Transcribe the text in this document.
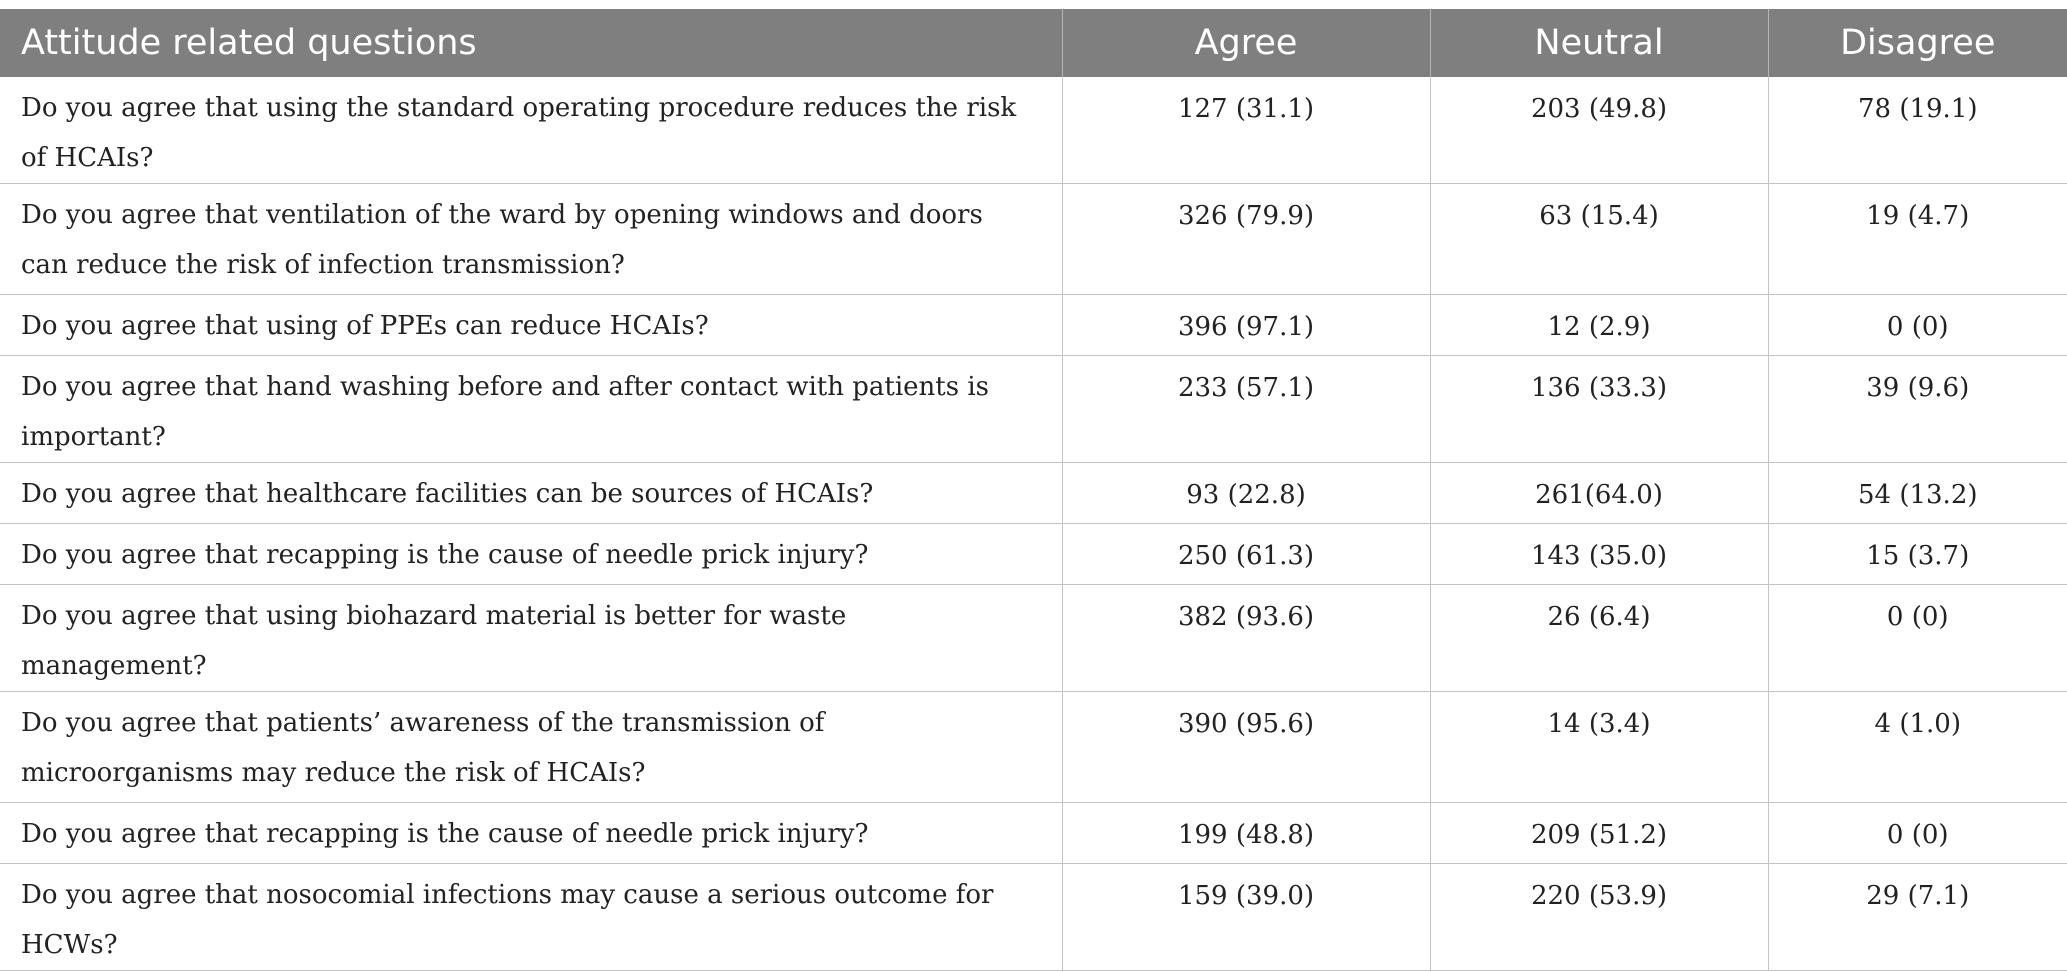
Attitude related questions	Agree	Neutral	Disagree
Do you agree that using the standard operating procedure reduces the risk of HCAIs?	127 (31.1)	203 (49.8)	78 (19.1)
Do you agree that ventilation of the ward by opening windows and doors can reduce the risk of infection transmission?	326 (79.9)	63 (15.4)	19 (4.7)
Do you agree that using of PPEs can reduce HCAIs?	396 (97.1)	12 (2.9)	0 (0)
Do you agree that hand washing before and after contact with patients is important?	233 (57.1)	136 (33.3)	39 (9.6)
Do you agree that healthcare facilities can be sources of HCAIs?	93 (22.8)	261(64.0)	54 (13.2)
Do you agree that recapping is the cause of needle prick injury?	250 (61.3)	143 (35.0)	15 (3.7)
Do you agree that using biohazard material is better for waste management?	382 (93.6)	26 (6.4)	0 (0)
Do you agree that patients’ awareness of the transmission of microorganisms may reduce the risk of HCAIs?	390 (95.6)	14 (3.4)	4 (1.0)
Do you agree that recapping is the cause of needle prick injury?	199 (48.8)	209 (51.2)	0 (0)
Do you agree that nosocomial infections may cause a serious outcome for HCWs?	159 (39.0)	220 (53.9)	29 (7.1)
